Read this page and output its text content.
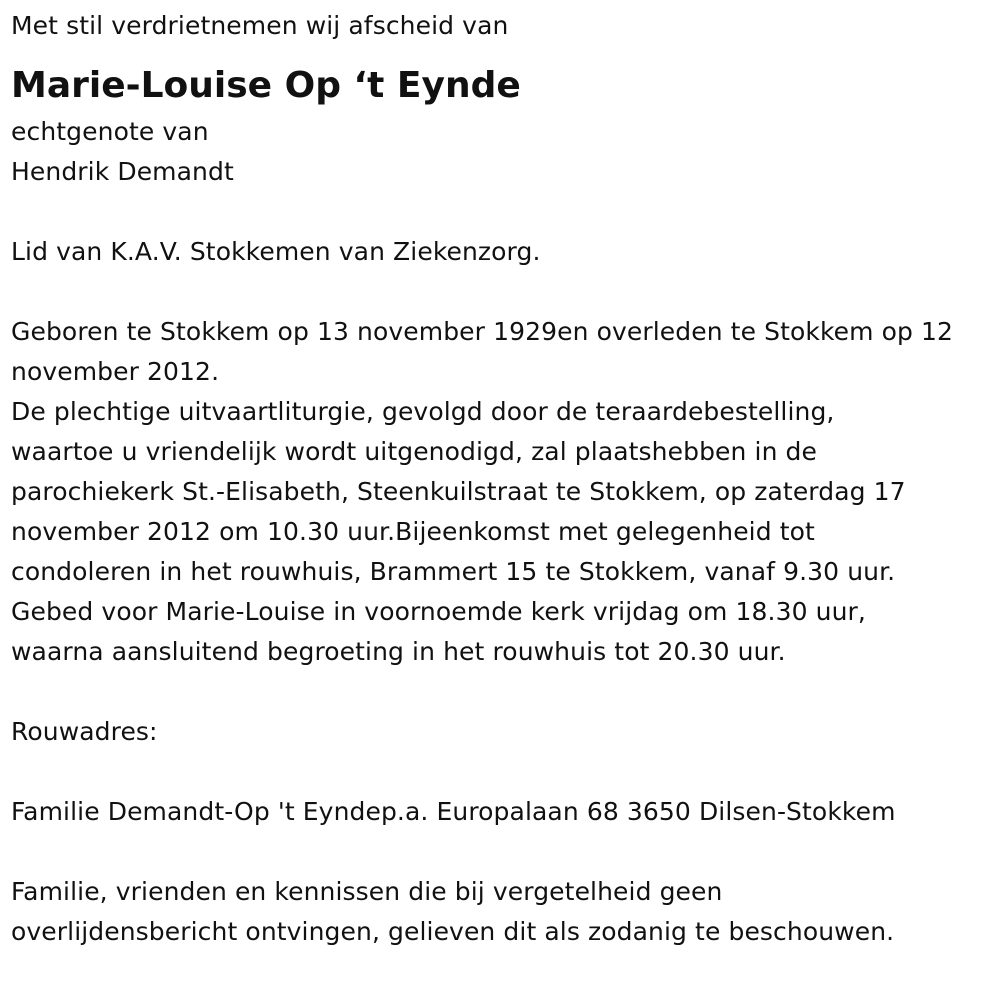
Met stil verdrietnemen wij afscheid van
Marie-Louise Op ‘t Eynde
echtgenote van
Hendrik Demandt
Lid van K.A.V. Stokkemen van Ziekenzorg.
Geboren te Stokkem op 13 november 1929en overleden te Stokkem op 12
november 2012.
De plechtige uitvaartliturgie, gevolgd door de teraardebestelling,
waartoe u vriendelijk wordt uitgenodigd, zal plaatshebben in de
parochiekerk St.-Elisabeth, Steenkuilstraat te Stokkem, op zaterdag 17
november 2012 om 10.30 uur.Bijeenkomst met gelegenheid tot
condoleren in het rouwhuis, Brammert 15 te Stokkem, vanaf 9.30 uur.
Gebed voor Marie-Louise in voornoemde kerk vrijdag om 18.30 uur,
waarna aansluitend begroeting in het rouwhuis tot 20.30 uur.
Rouwadres:
Familie Demandt-Op 't Eyndep.a. Europalaan 68 3650 Dilsen-Stokkem
Familie, vrienden en kennissen die bij vergetelheid geen
overlijdensbericht ontvingen, gelieven dit als zodanig te beschouwen.
